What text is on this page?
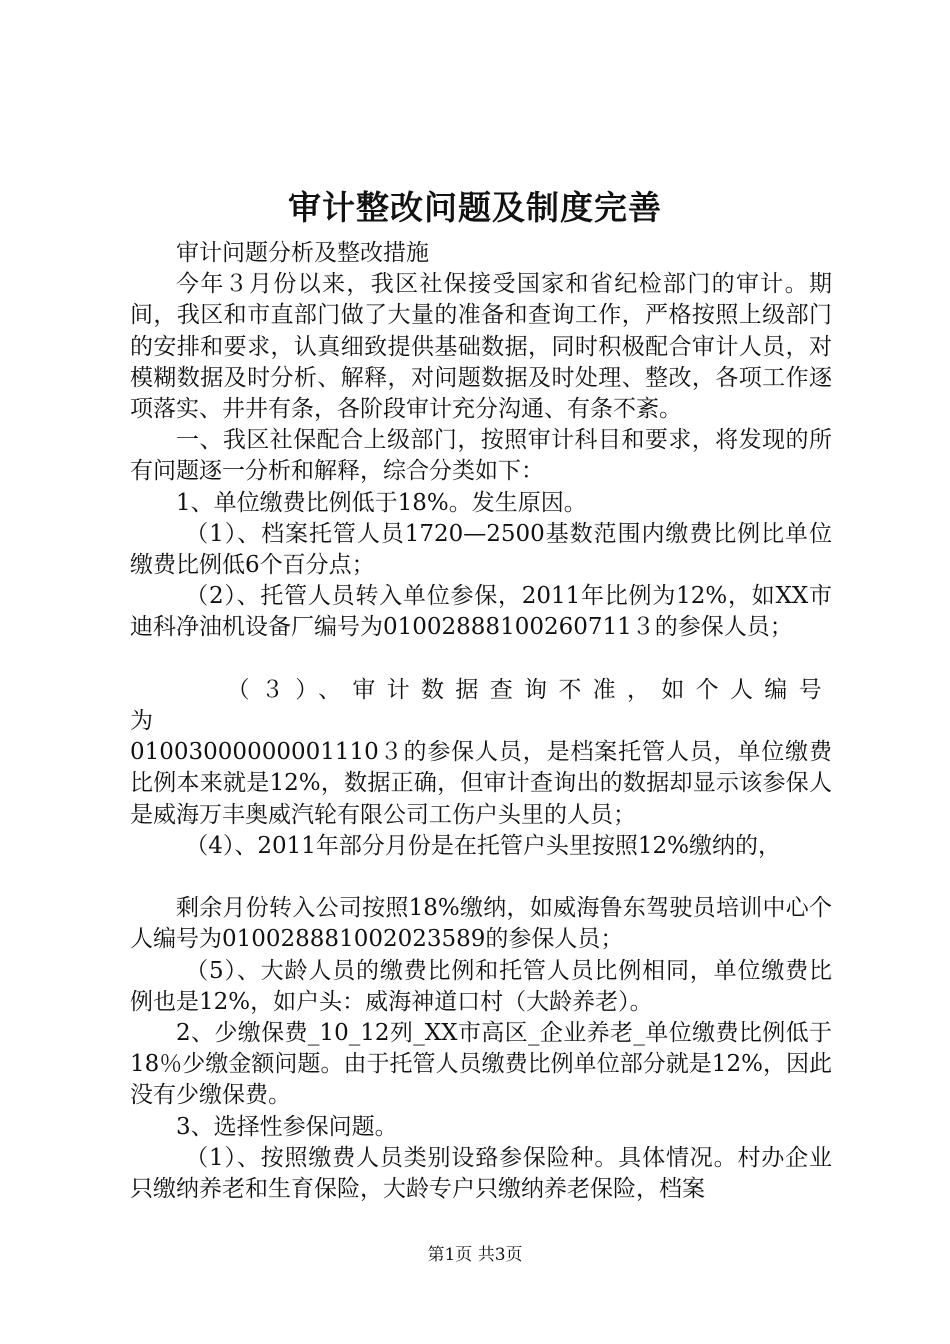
审计整改问题及制度完善

审计问题分析及整改措施

今年３月份以来，我区社保接受国家和省纪检部门的审计。期间，我区和市直部门做了大量的准备和查询工作，严格按照上级部门的安排和要求，认真细致提供基础数据，同时积极配合审计人员，对模糊数据及时分析、解释，对问题数据及时处理、整改，各项工作逐项落实、井井有条，各阶段审计充分沟通、有条不紊。

一、我区社保配合上级部门，按照审计科目和要求，将发现的所有问题逐一分析和解释，综合分类如下：

1、单位缴费比例低于18%。发生原因。

（1）、档案托管人员1720—2500基数范围内缴费比例比单位缴费比例低6个百分点；

（2）、托管人员转入单位参保，2011年比例为12%，如XX市迪科净油机设备厂编号为01002888100260711３的参保人员；

（３）、审计数据查询不准，如个人编号为

01003000000001110３的参保人员，是档案托管人员，单位缴费比例本来就是12%，数据正确，但审计查询出的数据却显示该参保人是威海万丰奥威汽轮有限公司工伤户头里的人员；

（4）、2011年部分月份是在托管户头里按照12%缴纳的，

剩余月份转入公司按照18%缴纳，如威海鲁东驾驶员培训中心个人编号为010028881002023589的参保人员；

（5）、大龄人员的缴费比例和托管人员比例相同，单位缴费比例也是12%，如户头：威海神道口村（大龄养老）。

2、少缴保费_10_12列_XX市高区_企业养老_单位缴费比例低于18％少缴金额问题。由于托管人员缴费比例单位部分就是12%，因此没有少缴保费。

3、选择性参保问题。

（1）、按照缴费人员类别设臵参保险种。具体情况。村办企业只缴纳养老和生育保险，大龄专户只缴纳养老保险，档案

第1页 共3页
